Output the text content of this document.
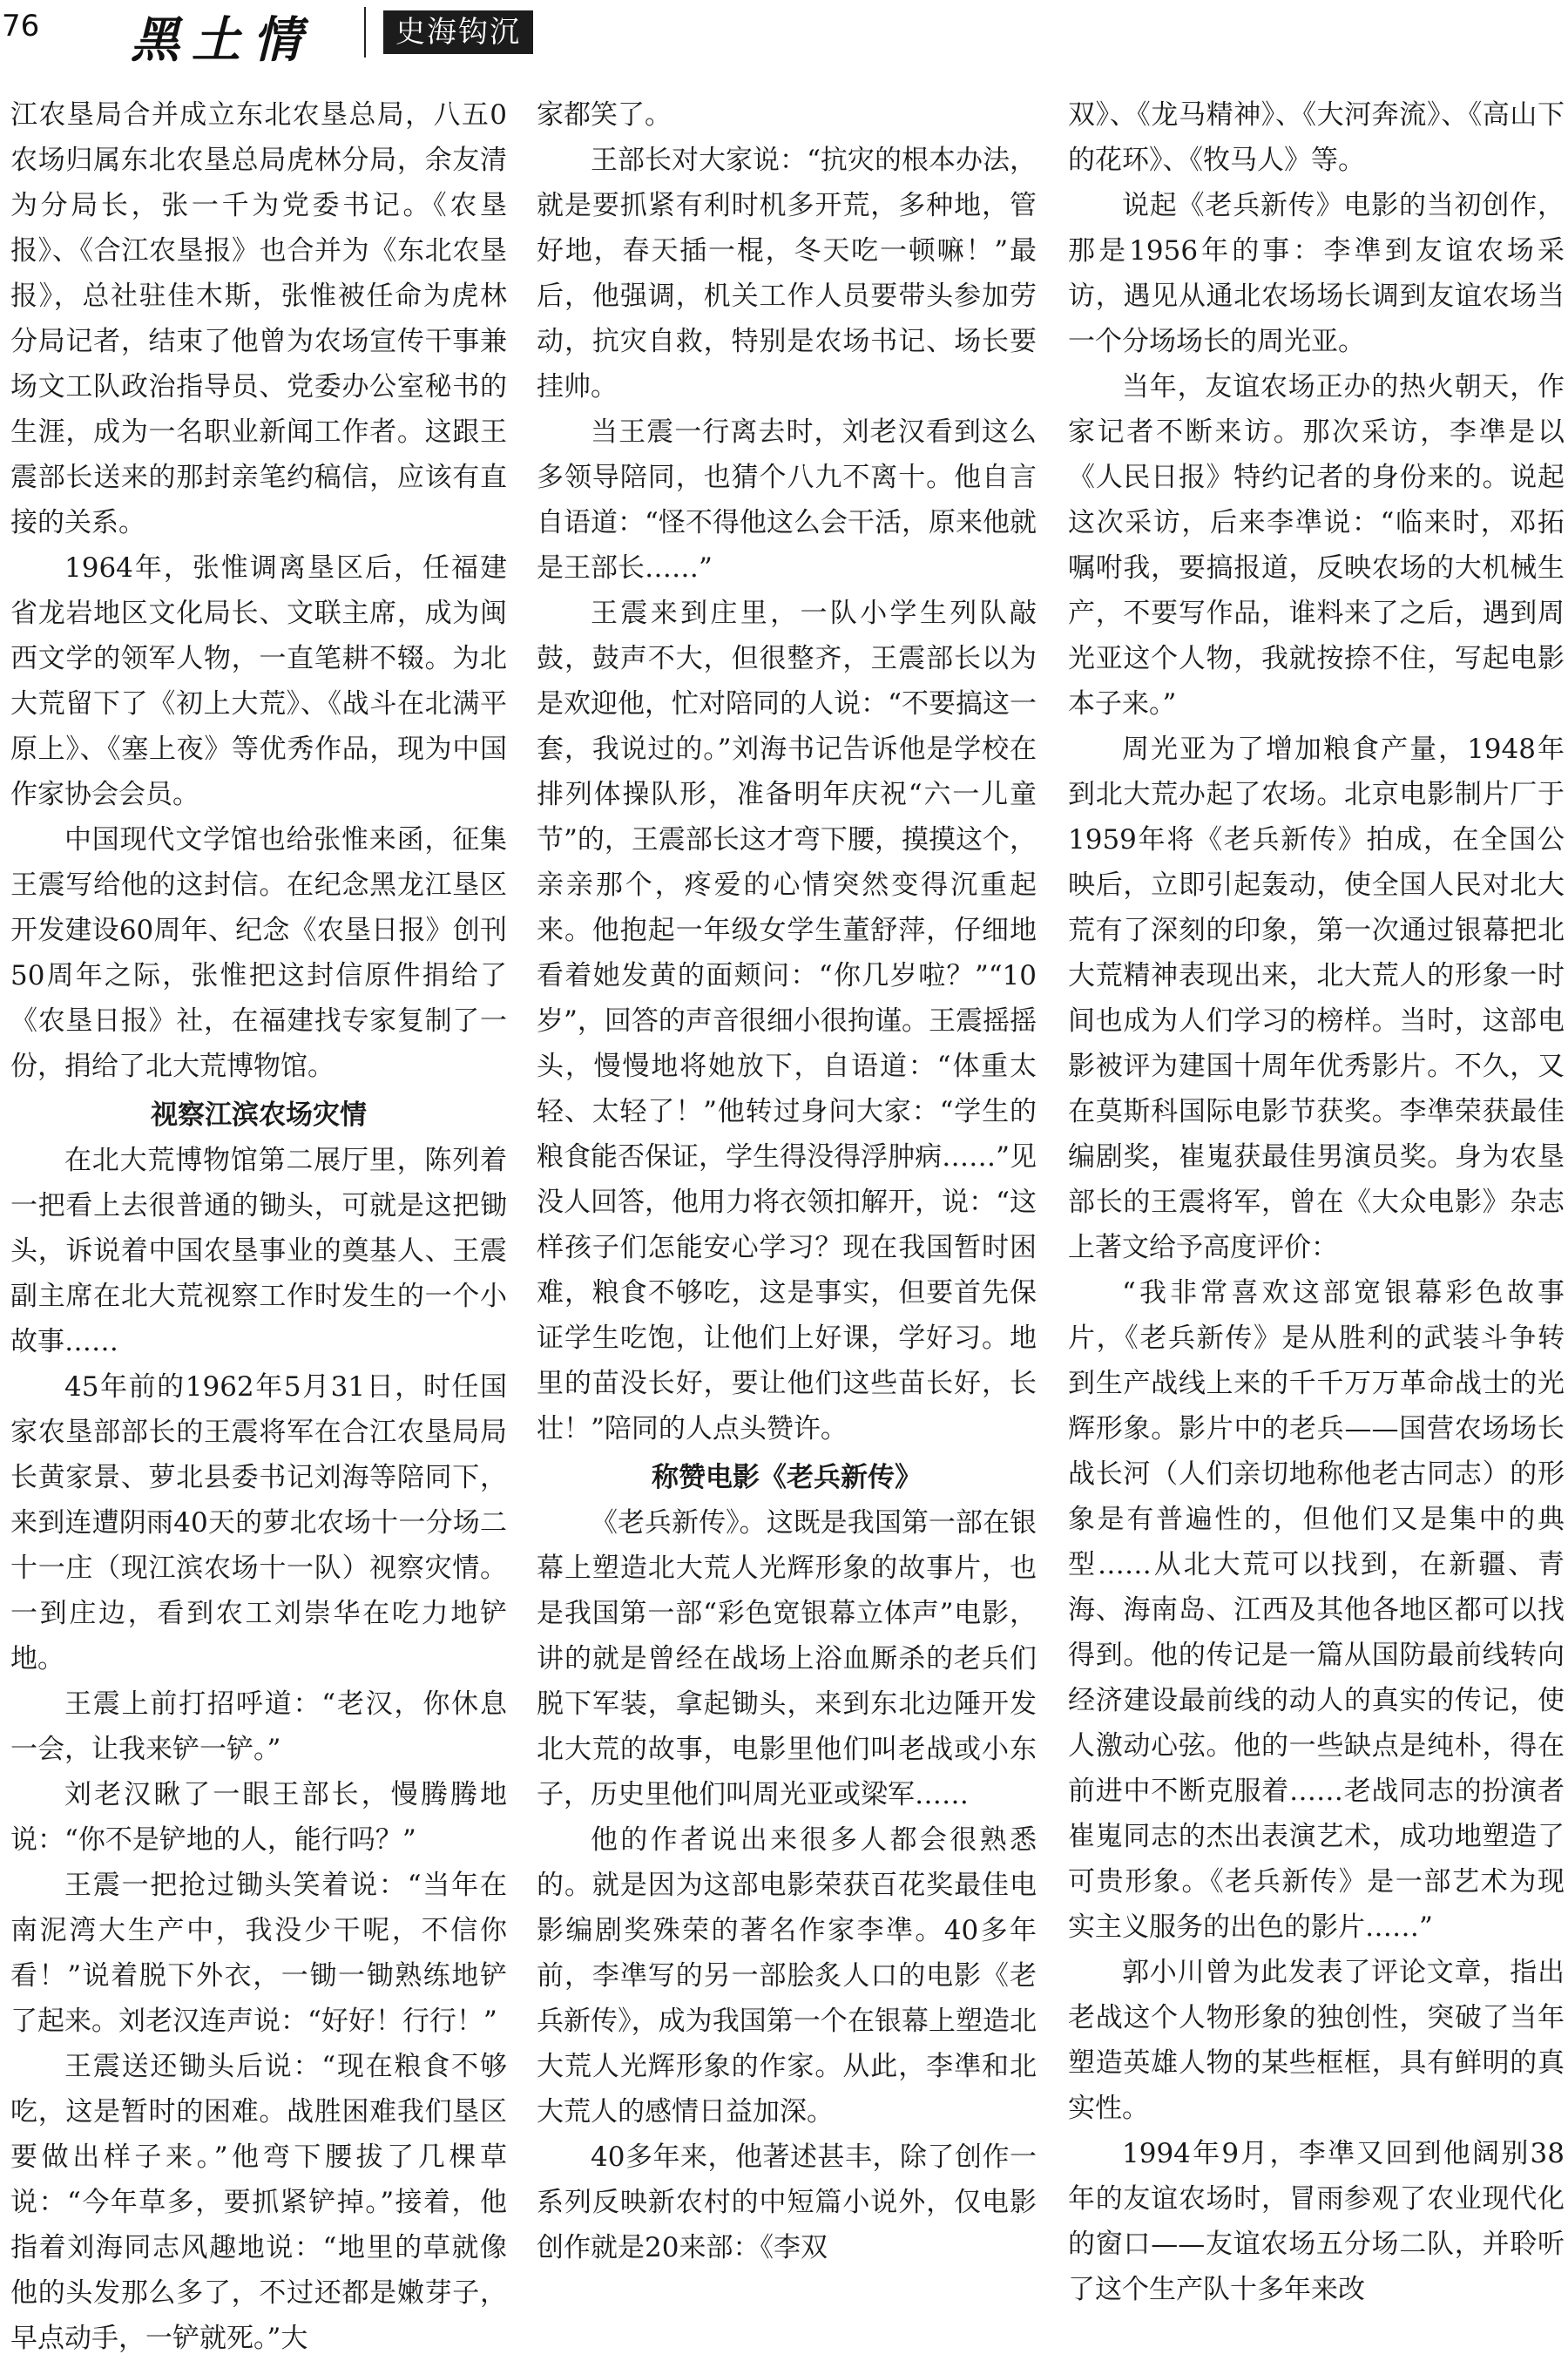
76 黑土情	史海钩沉

江农垦局合并成立东北农垦总局，八五0农场归属东北农垦总局虎林分局，余友清为分局长，张一千为党委书记。《农垦报》、《合江农垦报》也合并为《东北农垦报》，总社驻佳木斯，张惟被任命为虎林分局记者，结束了他曾为农场宣传干事兼场文工队政治指导员、党委办公室秘书的生涯，成为一名职业新闻工作者。这跟王震部长送来的那封亲笔约稿信，应该有直接的关系。

1964年，张惟调离垦区后，任福建省龙岩地区文化局长、文联主席，成为闽西文学的领军人物，一直笔耕不辍。为北大荒留下了《初上大荒》、《战斗在北满平原上》、《塞上夜》等优秀作品，现为中国作家协会会员。

中国现代文学馆也给张惟来函，征集王震写给他的这封信。在纪念黑龙江垦区开发建设60周年、纪念《农垦日报》创刊50周年之际，张惟把这封信原件捐给了《农垦日报》社，在福建找专家复制了一份，捐给了北大荒博物馆。

视察江滨农场灾情

在北大荒博物馆第二展厅里，陈列着一把看上去很普通的锄头，可就是这把锄头，诉说着中国农垦事业的奠基人、王震副主席在北大荒视察工作时发生的一个小故事……

45年前的1962年5月31日，时任国家农垦部部长的王震将军在合江农垦局局长黄家景、萝北县委书记刘海等陪同下，来到连遭阴雨40天的萝北农场十一分场二十一庄（现江滨农场十一队）视察灾情。一到庄边，看到农工刘崇华在吃力地铲地。

王震上前打招呼道：“老汉，你休息一会，让我来铲一铲。”

刘老汉瞅了一眼王部长，慢腾腾地说：“你不是铲地的人，能行吗？”

王震一把抢过锄头笑着说：“当年在南泥湾大生产中，我没少干呢，不信你看！”说着脱下外衣，一锄一锄熟练地铲了起来。刘老汉连声说：“好好！行行！”

王震送还锄头后说：“现在粮食不够吃，这是暂时的困难。战胜困难我们垦区要做出样子来。”他弯下腰拔了几棵草说：“今年草多，要抓紧铲掉。”接着，他指着刘海同志风趣地说：“地里的草就像他的头发那么多了，不过还都是嫩芽子，早点动手，一铲就死。”大

家都笑了。

王部长对大家说：“抗灾的根本办法，就是要抓紧有利时机多开荒，多种地，管好地，春天插一棍，冬天吃一顿嘛！”最后，他强调，机关工作人员要带头参加劳动，抗灾自救，特别是农场书记、场长要挂帅。

当王震一行离去时，刘老汉看到这么多领导陪同，也猜个八九不离十。他自言自语道：“怪不得他这么会干活，原来他就是王部长……”

王震来到庄里，一队小学生列队敲鼓，鼓声不大，但很整齐，王震部长以为是欢迎他，忙对陪同的人说：“不要搞这一套，我说过的。”刘海书记告诉他是学校在排列体操队形，准备明年庆祝“六一儿童节”的，王震部长这才弯下腰，摸摸这个，亲亲那个，疼爱的心情突然变得沉重起来。他抱起一年级女学生董舒萍，仔细地看着她发黄的面颊问：“你几岁啦？”“10岁”，回答的声音很细小很拘谨。王震摇摇头，慢慢地将她放下，自语道：“体重太轻、太轻了！”他转过身问大家：“学生的粮食能否保证，学生得没得浮肿病……”见没人回答，他用力将衣领扣解开，说：“这样孩子们怎能安心学习？现在我国暂时困难，粮食不够吃，这是事实，但要首先保证学生吃饱，让他们上好课，学好习。地里的苗没长好，要让他们这些苗长好，长壮！”陪同的人点头赞许。

称赞电影《老兵新传》

《老兵新传》。这既是我国第一部在银幕上塑造北大荒人光辉形象的故事片，也是我国第一部“彩色宽银幕立体声”电影，讲的就是曾经在战场上浴血厮杀的老兵们脱下军装，拿起锄头，来到东北边陲开发北大荒的故事，电影里他们叫老战或小东子，历史里他们叫周光亚或梁军……

他的作者说出来很多人都会很熟悉的。就是因为这部电影荣获百花奖最佳电影编剧奖殊荣的著名作家李凖。40多年前，李凖写的另一部脍炙人口的电影《老兵新传》，成为我国第一个在银幕上塑造北大荒人光辉形象的作家。从此，李凖和北大荒人的感情日益加深。

40多年来，他著述甚丰，除了创作一系列反映新农村的中短篇小说外，仅电影创作就是20来部：《李双

双》、《龙马精神》、《大河奔流》、《高山下的花环》、《牧马人》等。

说起《老兵新传》电影的当初创作，那是1956年的事：李凖到友谊农场采访，遇见从通北农场场长调到友谊农场当一个分场场长的周光亚。

当年，友谊农场正办的热火朝天，作家记者不断来访。那次采访，李凖是以《人民日报》特约记者的身份来的。说起这次采访，后来李凖说：“临来时，邓拓嘱咐我，要搞报道，反映农场的大机械生产，不要写作品，谁料来了之后，遇到周光亚这个人物，我就按捺不住，写起电影本子来。”

周光亚为了增加粮食产量，1948年到北大荒办起了农场。北京电影制片厂于1959年将《老兵新传》拍成，在全国公映后，立即引起轰动，使全国人民对北大荒有了深刻的印象，第一次通过银幕把北大荒精神表现出来，北大荒人的形象一时间也成为人们学习的榜样。当时，这部电影被评为建国十周年优秀影片。不久，又在莫斯科国际电影节获奖。李凖荣获最佳编剧奖，崔嵬获最佳男演员奖。身为农垦部长的王震将军，曾在《大众电影》杂志上著文给予高度评价：

“我非常喜欢这部宽银幕彩色故事片，《老兵新传》是从胜利的武装斗争转到生产战线上来的千千万万革命战士的光辉形象。影片中的老兵——国营农场场长战长河（人们亲切地称他老古同志）的形象是有普遍性的，但他们又是集中的典型……从北大荒可以找到，在新疆、青海、海南岛、江西及其他各地区都可以找得到。他的传记是一篇从国防最前线转向经济建设最前线的动人的真实的传记，使人激动心弦。他的一些缺点是纯朴，得在前进中不断克服着……老战同志的扮演者崔嵬同志的杰出表演艺术，成功地塑造了可贵形象。《老兵新传》是一部艺术为现实主义服务的出色的影片……”

郭小川曾为此发表了评论文章，指出老战这个人物形象的独创性，突破了当年塑造英雄人物的某些框框，具有鲜明的真实性。

1994年9月，李凖又回到他阔别38年的友谊农场时，冒雨参观了农业现代化的窗口——友谊农场五分场二队，并聆听了这个生产队十多年来改
